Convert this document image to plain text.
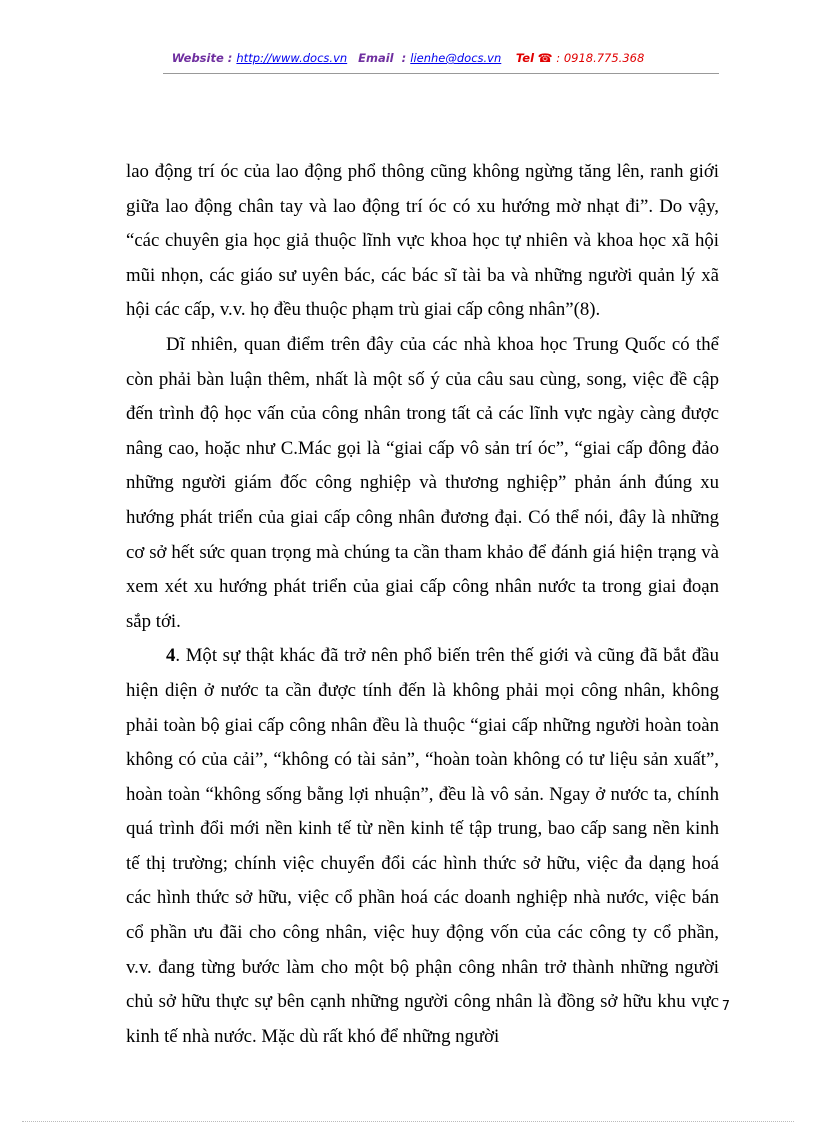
Website : http://www.docs.vn Email  : lienhe@docs.vn Tel ☎ : 0918.775.368

lao động trí óc của lao động phổ thông cũng không ngừng tăng lên, ranh giới giữa lao động chân tay và lao động trí óc có xu hướng mờ nhạt đi”. Do vậy, “các chuyên gia học giả thuộc lĩnh vực khoa học tự nhiên và khoa học xã hội mũi nhọn, các giáo sư uyên bác, các bác sĩ tài ba và những người quản lý xã hội các cấp, v.v. họ đều thuộc phạm trù giai cấp công nhân”(8).

Dĩ nhiên, quan điểm trên đây của các nhà khoa học Trung Quốc có thể còn phải bàn luận thêm, nhất là một số ý của câu sau cùng, song, việc đề cập đến trình độ học vấn của công nhân trong tất cả các lĩnh vực ngày càng được nâng cao, hoặc như C.Mác gọi là “giai cấp vô sản trí óc”, “giai cấp đông đảo những người giám đốc công nghiệp và thương nghiệp” phản ánh đúng xu hướng phát triển của giai cấp công nhân đương đại. Có thể nói, đây là những cơ sở hết sức quan trọng mà chúng ta cần tham khảo để đánh giá hiện trạng và xem xét xu hướng phát triển của giai cấp công nhân nước ta trong giai đoạn sắp tới.

4. Một sự thật khác đã trở nên phổ biến trên thế giới và cũng đã bắt đầu hiện diện ở nước ta cần được tính đến là không phải mọi công nhân, không phải toàn bộ giai cấp công nhân đều là thuộc “giai cấp những người hoàn toàn không có của cải”, “không có tài sản”, “hoàn toàn không có tư liệu sản xuất”, hoàn toàn “không sống bằng lợi nhuận”, đều là vô sản. Ngay ở nước ta, chính quá trình đổi mới nền kinh tế từ nền kinh tế tập trung, bao cấp sang nền kinh tế thị trường; chính việc chuyển đổi các hình thức sở hữu, việc đa dạng hoá các hình thức sở hữu, việc cổ phần hoá các doanh nghiệp nhà nước, việc bán cổ phần ưu đãi cho công nhân, việc huy động vốn của các công ty cổ phần, v.v. đang từng bước làm cho một bộ phận công nhân trở thành những người chủ sở hữu thực sự bên cạnh những người công nhân là đồng sở hữu khu vực kinh tế nhà nước. Mặc dù rất khó để những người

7
